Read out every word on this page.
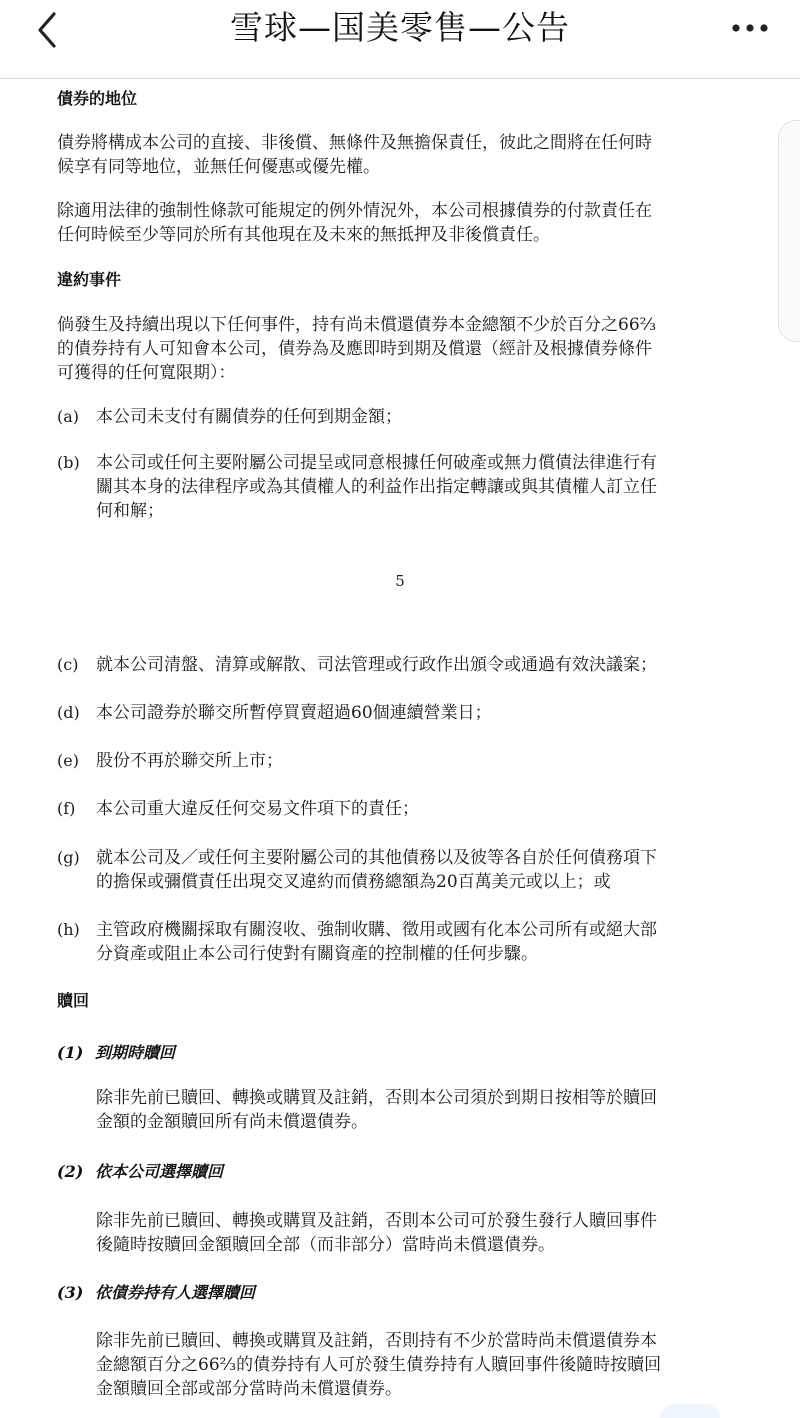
雪球—国美零售—公告
債券的地位
債券將構成本公司的直接、非後償、無條件及無擔保責任，彼此之間將在任何時
候享有同等地位，並無任何優惠或優先權。
除適用法律的強制性條款可能規定的例外情況外，本公司根據債券的付款責任在
任何時候至少等同於所有其他現在及未來的無抵押及非後償責任。
違約事件
倘發生及持續出現以下任何事件，持有尚未償還債券本金總額不少於百分之66⅔
的債券持有人可知會本公司，債券為及應即時到期及償還（經計及根據債券條件
可獲得的任何寬限期）：
(a) 本公司未支付有關債券的任何到期金額；
(b) 本公司或任何主要附屬公司提呈或同意根據任何破產或無力償債法律進行有
關其本身的法律程序或為其債權人的利益作出指定轉讓或與其債權人訂立任
何和解；
5
(c) 就本公司清盤、清算或解散、司法管理或行政作出頒令或通過有效決議案；
(d) 本公司證券於聯交所暫停買賣超過60個連續營業日；
(e) 股份不再於聯交所上市；
(f) 本公司重大違反任何交易文件項下的責任；
(g) 就本公司及／或任何主要附屬公司的其他債務以及彼等各自於任何債務項下
的擔保或彌償責任出現交叉違約而債務總額為20百萬美元或以上；或
(h) 主管政府機關採取有關沒收、強制收購、徵用或國有化本公司所有或絕大部
分資產或阻止本公司行使對有關資產的控制權的任何步驟。
贖回
(1) 到期時贖回
除非先前已贖回、轉換或購買及註銷，否則本公司須於到期日按相等於贖回
金額的金額贖回所有尚未償還債券。
(2) 依本公司選擇贖回
除非先前已贖回、轉換或購買及註銷，否則本公司可於發生發行人贖回事件
後隨時按贖回金額贖回全部（而非部分）當時尚未償還債券。
(3) 依債券持有人選擇贖回
除非先前已贖回、轉換或購買及註銷，否則持有不少於當時尚未償還債券本
金總額百分之66⅔的債券持有人可於發生債券持有人贖回事件後隨時按贖回
金額贖回全部或部分當時尚未償還債券。
